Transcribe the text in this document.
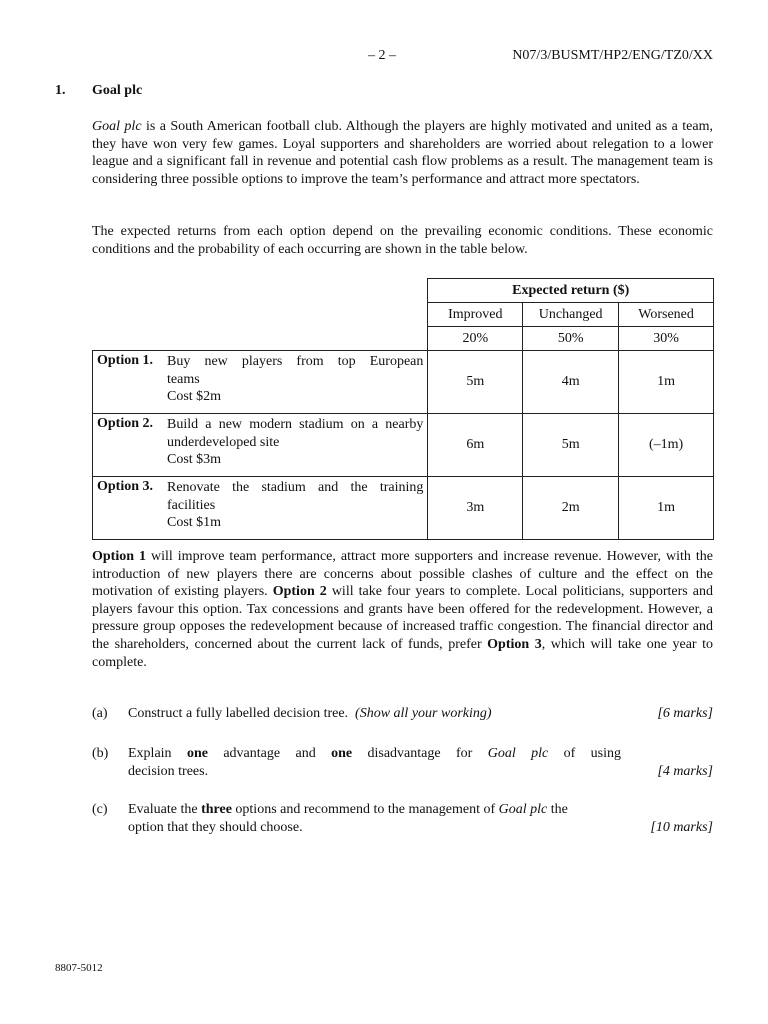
– 2 –	N07/3/BUSMT/HP2/ENG/TZ0/XX
1. Goal plc

Goal plc is a South American football club. Although the players are highly motivated and united as a team, they have won very few games. Loyal supporters and shareholders are worried about relegation to a lower league and a significant fall in revenue and potential cash flow problems as a result. The management team is considering three possible options to improve the team’s performance and attract more spectators.

The expected returns from each option depend on the prevailing economic conditions. These economic conditions and the probability of each occurring are shown in the table below.

	Expected return ($)		
	Improved	Unchanged	Worsened
	20%	50%	30%

Option 1. Buy new players from top European
teams
Cost $2m	5m	4m	1m

Option 2. Build a new modern stadium on a nearby
underdeveloped site
Cost $3m	6m	5m	(–1m)

Option 3. Renovate the stadium and the training
facilities
Cost $1m	3m	2m	1m

Option 1 will improve team performance, attract more supporters and increase revenue. However, with the introduction of new players there are concerns about possible clashes of culture and the effect on the motivation of existing players. Option 2 will take four years to complete. Local politicians, supporters and players favour this option. Tax concessions and grants have been offered for the redevelopment. However, a pressure group opposes the redevelopment because of increased traffic congestion. The financial director and the shareholders, concerned about the current lack of funds, prefer Option 3, which will take one year to complete.

(a) Construct a fully labelled decision tree. (Show all your working)	[6 marks]
(b) Explain one advantage and one disadvantage for Goal plc of using
decision trees.	[4 marks]
(c) Evaluate the three options and recommend to the management of Goal plc the
option that they should choose.	[10 marks]
8807-5012
